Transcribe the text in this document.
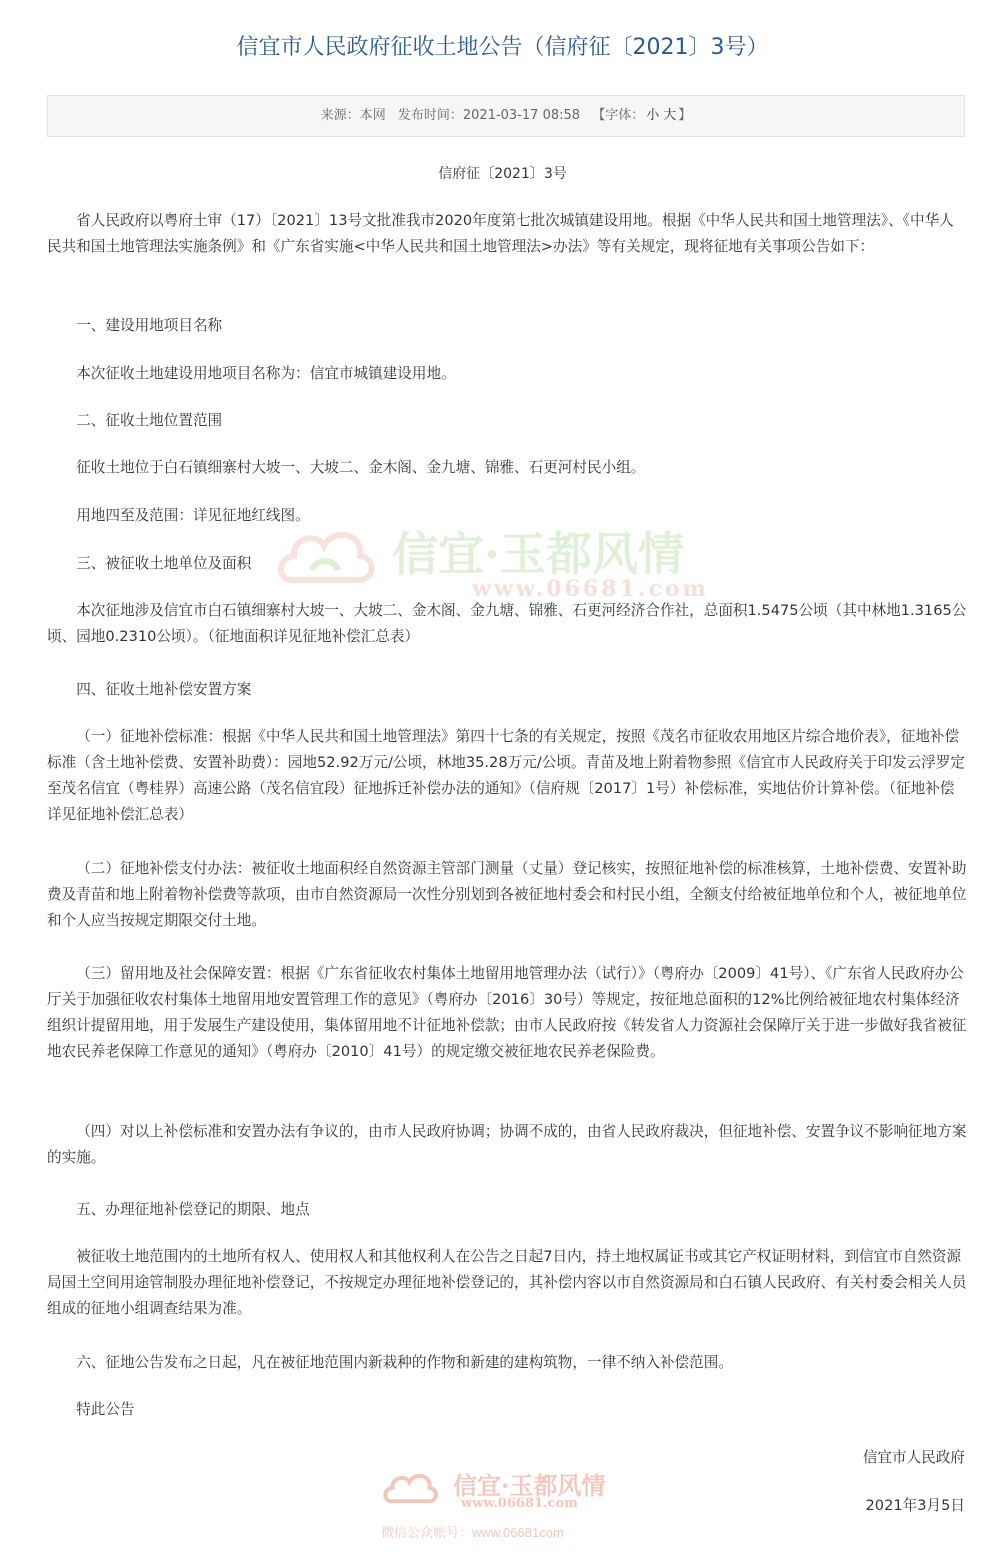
信宜市人民政府征收土地公告（信府征〔2021〕3号）
来源：本网 发布时间：2021-03-17 08:58 【字体： 小 大 】
信府征〔2021〕3号

省人民政府以粤府土审（17）〔2021〕13号文批准我市2020年度第七批次城镇建设用地。根据《中华人民共和国土地管理法》、《中华人民共和国土地管理法实施条例》和《广东省实施<中华人民共和国土地管理法>办法》等有关规定，现将征地有关事项公告如下：

一、建设用地项目名称

本次征收土地建设用地项目名称为：信宜市城镇建设用地。

二、征收土地位置范围

征收土地位于白石镇细寨村大坡一、大坡二、金木阁、金九塘、锦雅、石更河村民小组。

用地四至及范围：详见征地红线图。

三、被征收土地单位及面积

本次征地涉及信宜市白石镇细寨村大坡一、大坡二、金木阁、金九塘、锦雅、石更河经济合作社，总面积1.5475公顷（其中林地1.3165公顷、园地0.2310公顷）。（征地面积详见征地补偿汇总表）

四、征收土地补偿安置方案

（一）征地补偿标准：根据《中华人民共和国土地管理法》第四十七条的有关规定，按照《茂名市征收农用地区片综合地价表》，征地补偿标准（含土地补偿费、安置补助费）：园地52.92万元/公顷，林地35.28万元/公顷。青苗及地上附着物参照《信宜市人民政府关于印发云浮罗定至茂名信宜（粤桂界）高速公路（茂名信宜段）征地拆迁补偿办法的通知》（信府规〔2017〕1号）补偿标准，实地估价计算补偿。（征地补偿详见征地补偿汇总表）

（二）征地补偿支付办法：被征收土地面积经自然资源主管部门测量（丈量）登记核实，按照征地补偿的标准核算，土地补偿费、安置补助费及青苗和地上附着物补偿费等款项，由市自然资源局一次性分别划到各被征地村委会和村民小组，全额支付给被征地单位和个人，被征地单位和个人应当按规定期限交付土地。

（三）留用地及社会保障安置：根据《广东省征收农村集体土地留用地管理办法（试行）》（粤府办〔2009〕41号）、《广东省人民政府办公厅关于加强征收农村集体土地留用地安置管理工作的意见》（粤府办〔2016〕30号）等规定，按征地总面积的12%比例给被征地农村集体经济组织计提留用地，用于发展生产建设使用，集体留用地不计征地补偿款；由市人民政府按《转发省人力资源社会保障厅关于进一步做好我省被征地农民养老保障工作意见的通知》（粤府办〔2010〕41号）的规定缴交被征地农民养老保险费。

（四）对以上补偿标准和安置办法有争议的，由市人民政府协调；协调不成的，由省人民政府裁决，但征地补偿、安置争议不影响征地方案的实施。

五、办理征地补偿登记的期限、地点

被征收土地范围内的土地所有权人、使用权人和其他权利人在公告之日起7日内，持土地权属证书或其它产权证明材料，到信宜市自然资源局国土空间用途管制股办理征地补偿登记，不按规定办理征地补偿登记的，其补偿内容以市自然资源局和白石镇人民政府、有关村委会相关人员组成的征地小组调查结果为准。

六、征地公告发布之日起，凡在被征地范围内新栽种的作物和新建的建构筑物，一律不纳入补偿范围。

特此公告

信宜市人民政府
2021年3月5日
信宜·玉都风情
www.06681.com
信宜·玉都风情
www.06681.com
微信公众帐号：www.06681com
